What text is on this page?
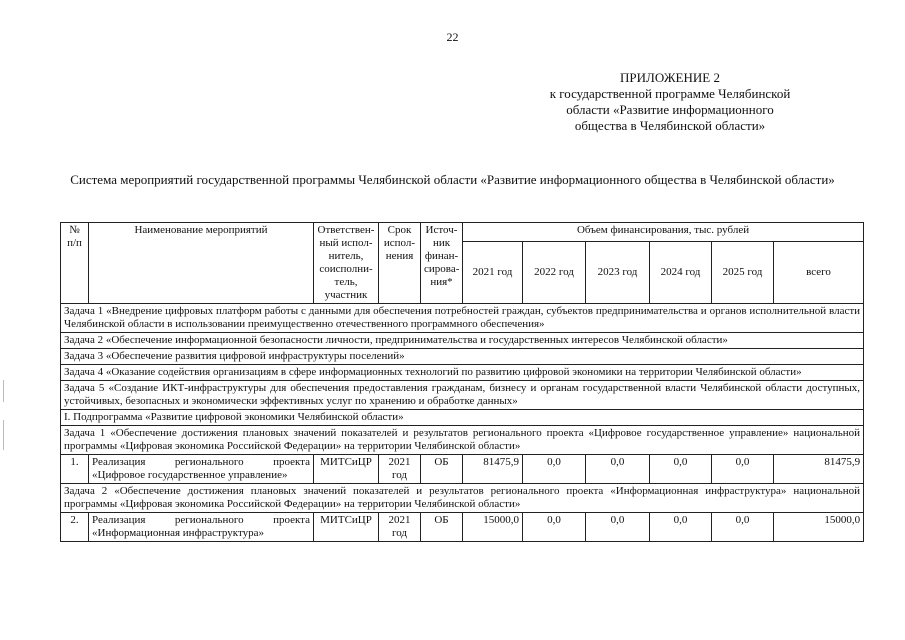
22
ПРИЛОЖЕНИЕ 2
к государственной программе Челябинской
области «Развитие информационного
общества в Челябинской области»
Система мероприятий государственной программы Челябинской области «Развитие информационного общества в Челябинской области»
№ п/п	Наименование мероприятий	Ответствен-ный испол-нитель, соисполни-тель, участник	Срок испол-нения	Источ-ник финан-сирова-ния*	Объем финансирования, тыс. рублей					
					2021 год	2022 год	2023 год	2024 год	2025 год	всего
Задача 1 «Внедрение цифровых платформ работы с данными для обеспечения потребностей граждан, субъектов предпринимательства и органов исполнительной власти Челябинской области в использовании преимущественно отечественного программного обеспечения»										
Задача 2 «Обеспечение информационной безопасности личности, предпринимательства и государственных интересов Челябинской области»										
Задача 3 «Обеспечение развития цифровой инфраструктуры поселений»										
Задача 4 «Оказание содействия организациям в сфере информационных технологий по развитию цифровой экономики на территории Челябинской области»										
Задача 5 «Создание ИКТ-инфраструктуры для обеспечения предоставления гражданам, бизнесу и органам государственной власти Челябинской области доступных, устойчивых, безопасных и экономически эффективных услуг по хранению и обработке данных»										
I. Подпрограмма «Развитие цифровой экономики Челябинской области»										
Задача 1 «Обеспечение достижения плановых значений показателей и результатов регионального проекта «Цифровое государственное управление» национальной программы «Цифровая экономика Российской Федерации» на территории Челябинской области»										
1.	Реализация регионального проекта «Цифровое государственное управление»	МИТСиЦР	2021 год	ОБ	81475,9	0,0	0,0	0,0	0,0	81475,9
Задача 2 «Обеспечение достижения плановых значений показателей и результатов регионального проекта «Информационная инфраструктура» национальной программы «Цифровая экономика Российской Федерации» на территории Челябинской области»										
2.	Реализация регионального проекта «Информационная инфраструктура»	МИТСиЦР	2021 год	ОБ	15000,0	0,0	0,0	0,0	0,0	15000,0
